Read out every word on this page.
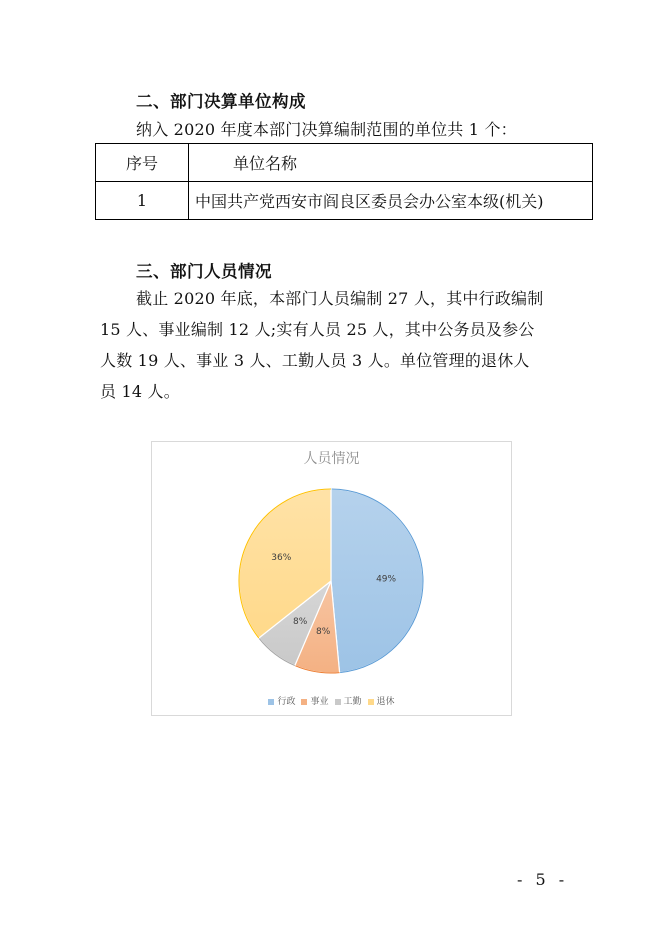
二、部门决算单位构成
纳入 2020 年度本部门决算编制范围的单位共 1 个：
序号	单位名称
1	中国共产党西安市阎良区委员会办公室本级(机关)
三、部门人员情况
截止 2020 年底，本部门人员编制 27 人，其中行政编制
15 人、事业编制 12 人;实有人员 25 人，其中公务员及参公
人数 19 人、事业 3 人、工勤人员 3 人。单位管理的退休人
员 14 人。
人员情况
49%
8%
8%
36%
行政 事业 工勤 退休
- 5 -
